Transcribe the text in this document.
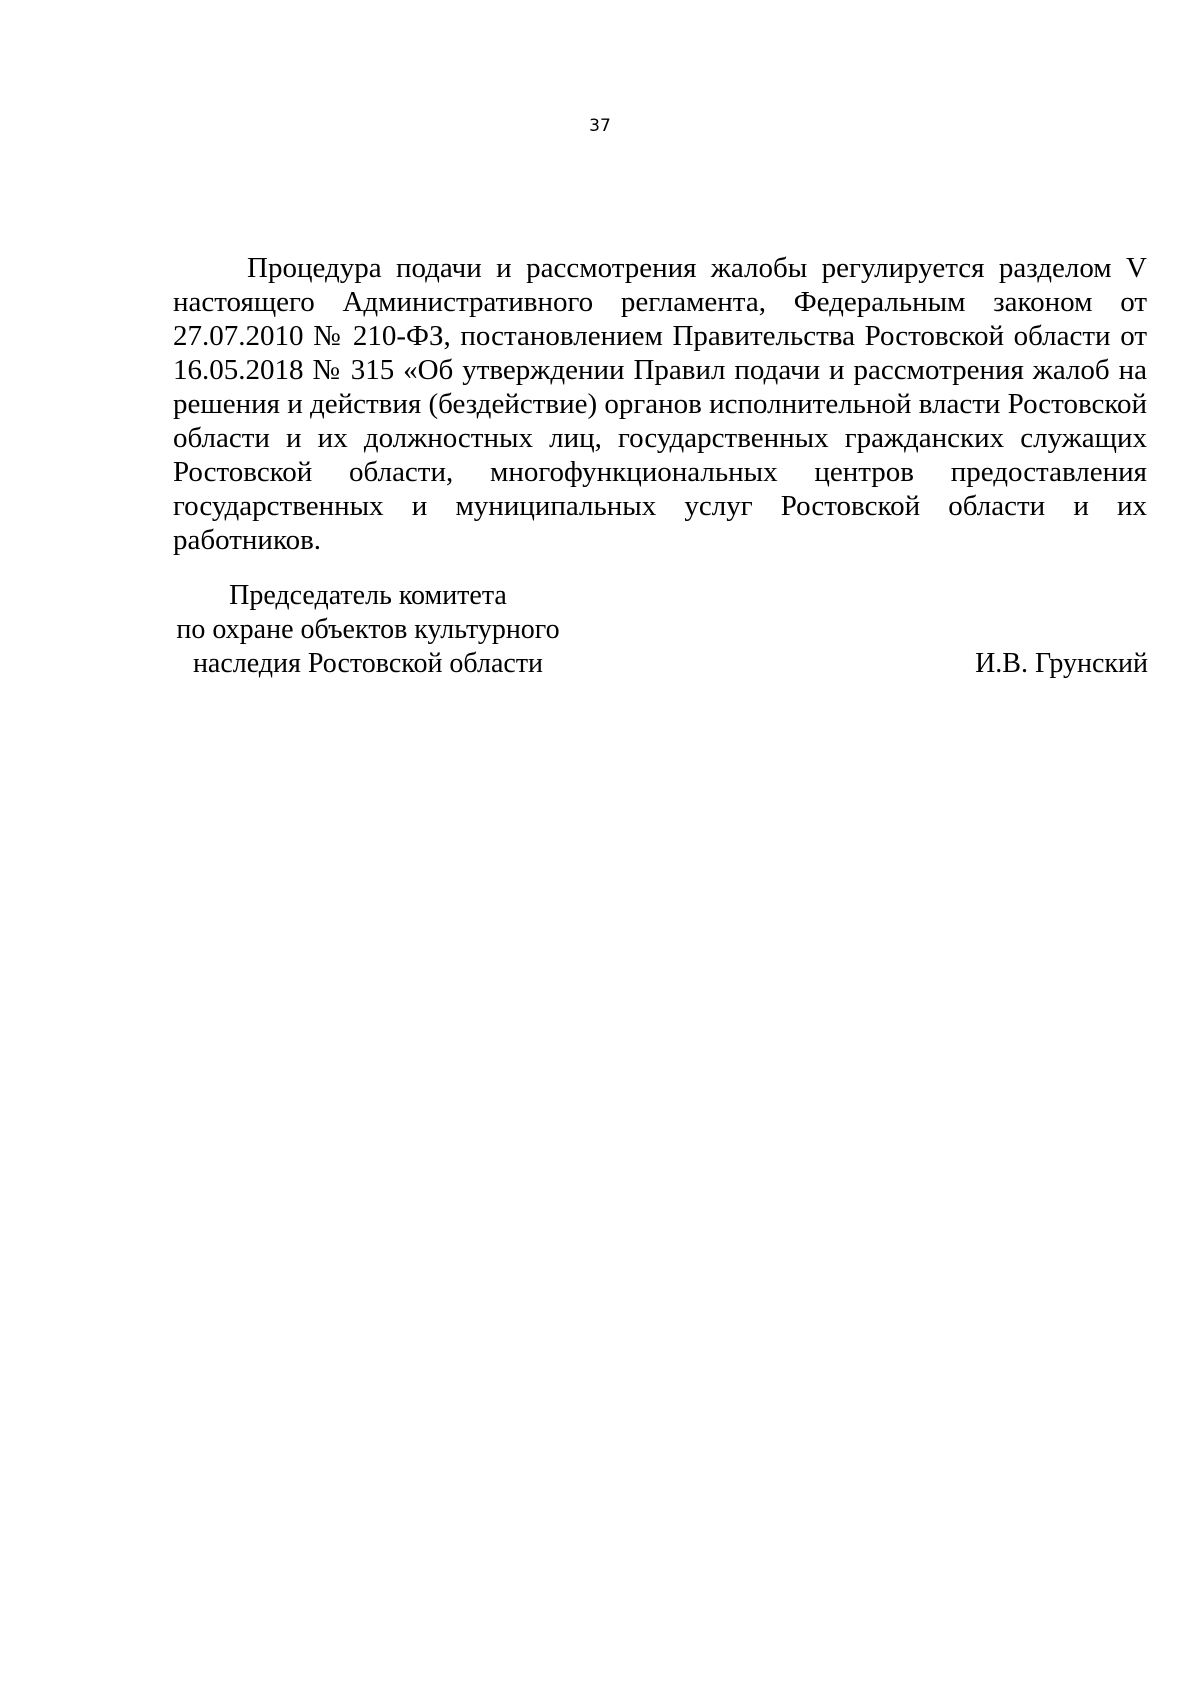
37

Процедура подачи и рассмотрения жалобы регулируется разделом V настоящего Административного регламента, Федеральным законом от 27.07.2010 № 210-ФЗ, постановлением Правительства Ростовской области от 16.05.2018 № 315 «Об утверждении Правил подачи и рассмотрения жалоб на решения и действия (бездействие) органов исполнительной власти Ростовской области и их должностных лиц, государственных гражданских служащих Ростовской области, многофункциональных центров предоставления государственных и муниципальных услуг Ростовской области и их работников.

Председатель комитета
по охране объектов культурного
наследия Ростовской области	И.В. Грунский
